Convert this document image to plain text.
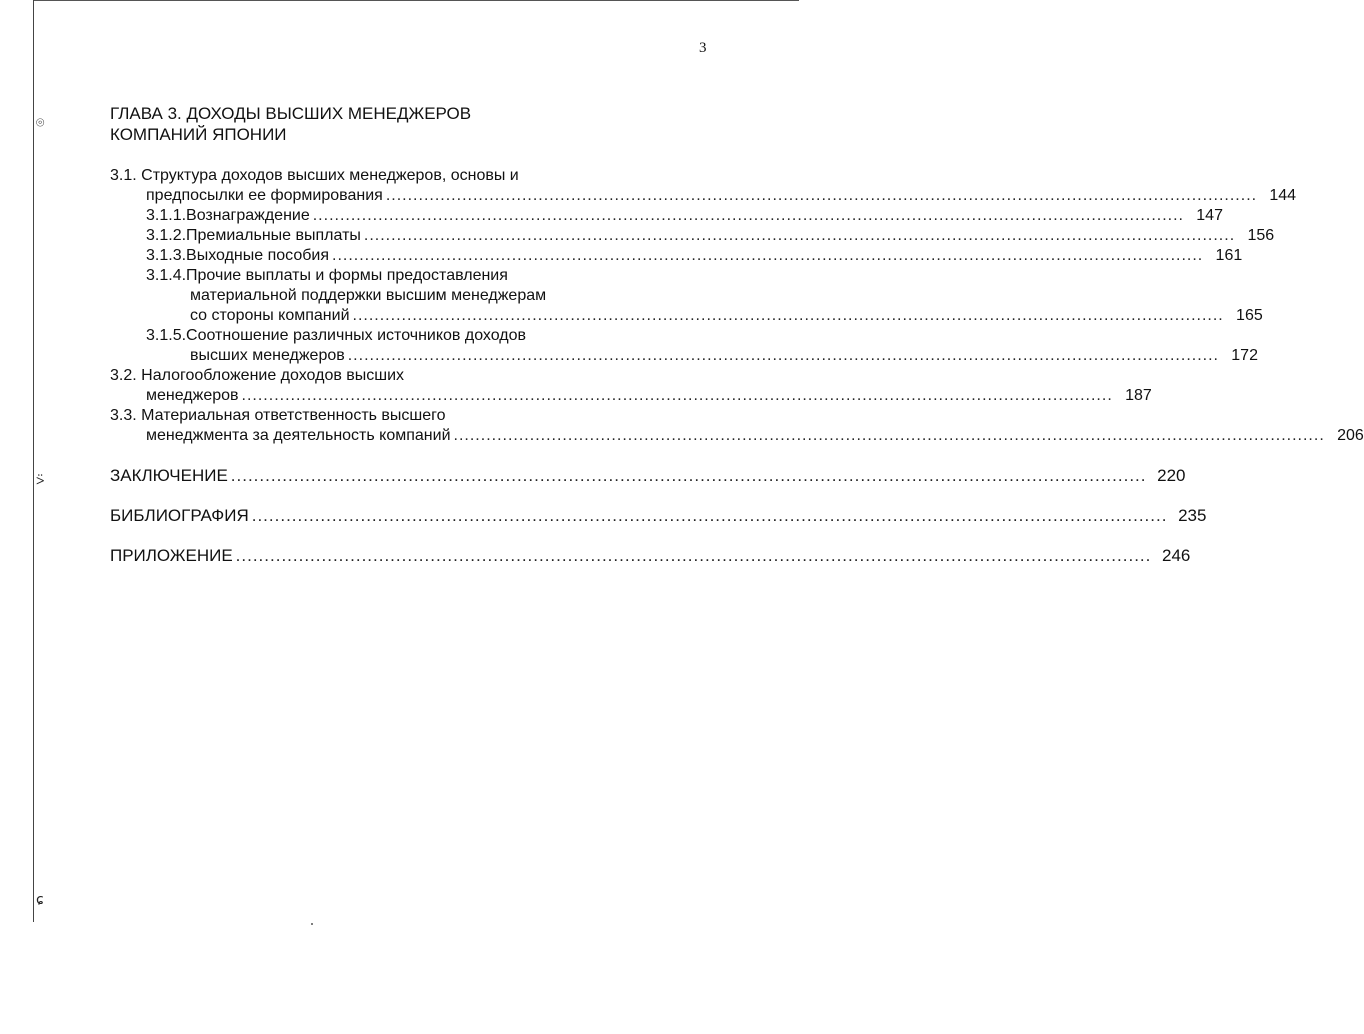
3
⌾
⍩
ɕ
ГЛАВА 3. ДОХОДЫ ВЫСШИХ МЕНЕДЖЕРОВ
КОМПАНИЙ ЯПОНИИ
3.1. Структура доходов высших менеджеров, основы и
предпосылки ее формирования ................................................................................................................................................................ 144
3.1.1.Вознаграждение ................................................................................................................................................................ 147
3.1.2.Премиальные выплаты ................................................................................................................................................................ 156
3.1.3.Выходные пособия ................................................................................................................................................................ 161
3.1.4.Прочие выплаты и формы предоставления
материальной поддержки высшим менеджерам
со стороны компаний ................................................................................................................................................................ 165
3.1.5.Соотношение различных источников доходов
высших менеджеров ................................................................................................................................................................ 172
3.2. Налогообложение доходов высших
менеджеров ................................................................................................................................................................ 187
3.3. Материальная ответственность высшего
менеджмента за деятельность компаний ................................................................................................................................................................ 206
ЗАКЛЮЧЕНИЕ ................................................................................................................................................................ 220
БИБЛИОГРАФИЯ ................................................................................................................................................................ 235
ПРИЛОЖЕНИЕ ................................................................................................................................................................ 246
